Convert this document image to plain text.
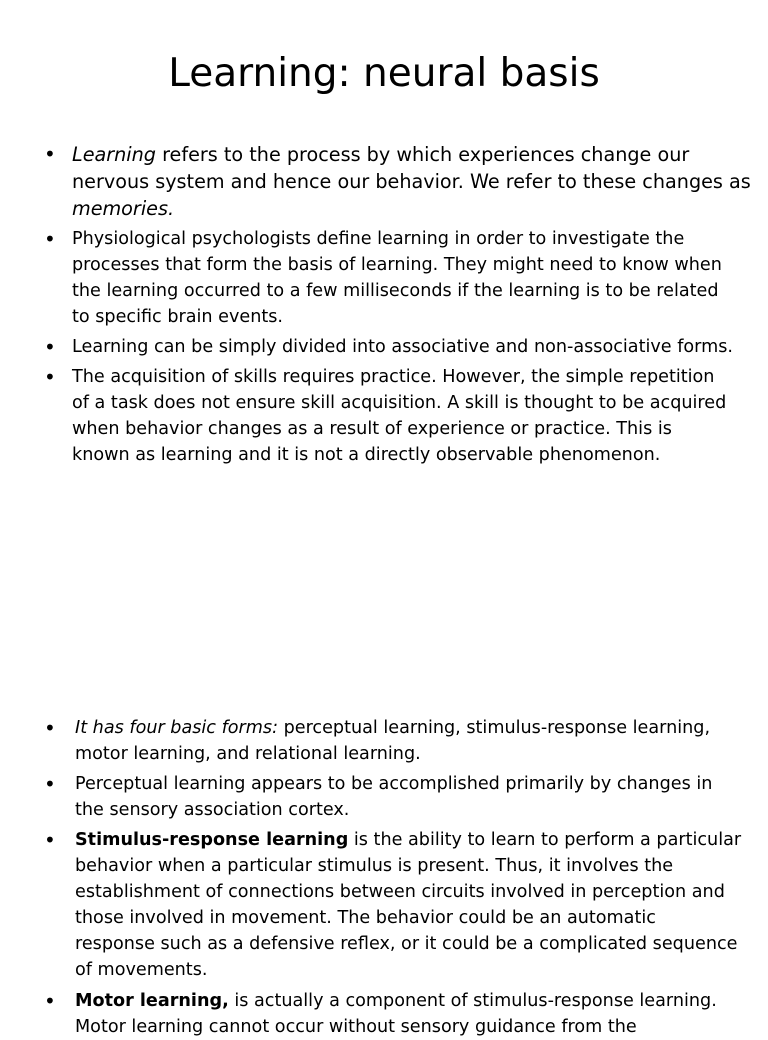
Learning: neural basis
• Learning refers to the process by which experiences change our
nervous system and hence our behavior. We refer to these changes as
memories.
• Physiological psychologists define learning in order to investigate the
processes that form the basis of learning. They might need to know when
the learning occurred to a few milliseconds if the learning is to be related
to specific brain events.
• Learning can be simply divided into associative and non-associative forms.
• The acquisition of skills requires practice. However, the simple repetition
of a task does not ensure skill acquisition. A skill is thought to be acquired
when behavior changes as a result of experience or practice. This is
known as learning and it is not a directly observable phenomenon.
• It has four basic forms: perceptual learning, stimulus-response learning,
motor learning, and relational learning.
• Perceptual learning appears to be accomplished primarily by changes in
the sensory association cortex.
• Stimulus-response learning is the ability to learn to perform a particular
behavior when a particular stimulus is present. Thus, it involves the
establishment of connections between circuits involved in perception and
those involved in movement. The behavior could be an automatic
response such as a defensive reflex, or it could be a complicated sequence
of movements.
• Motor learning, is actually a component of stimulus-response learning.
Motor learning cannot occur without sensory guidance from the
